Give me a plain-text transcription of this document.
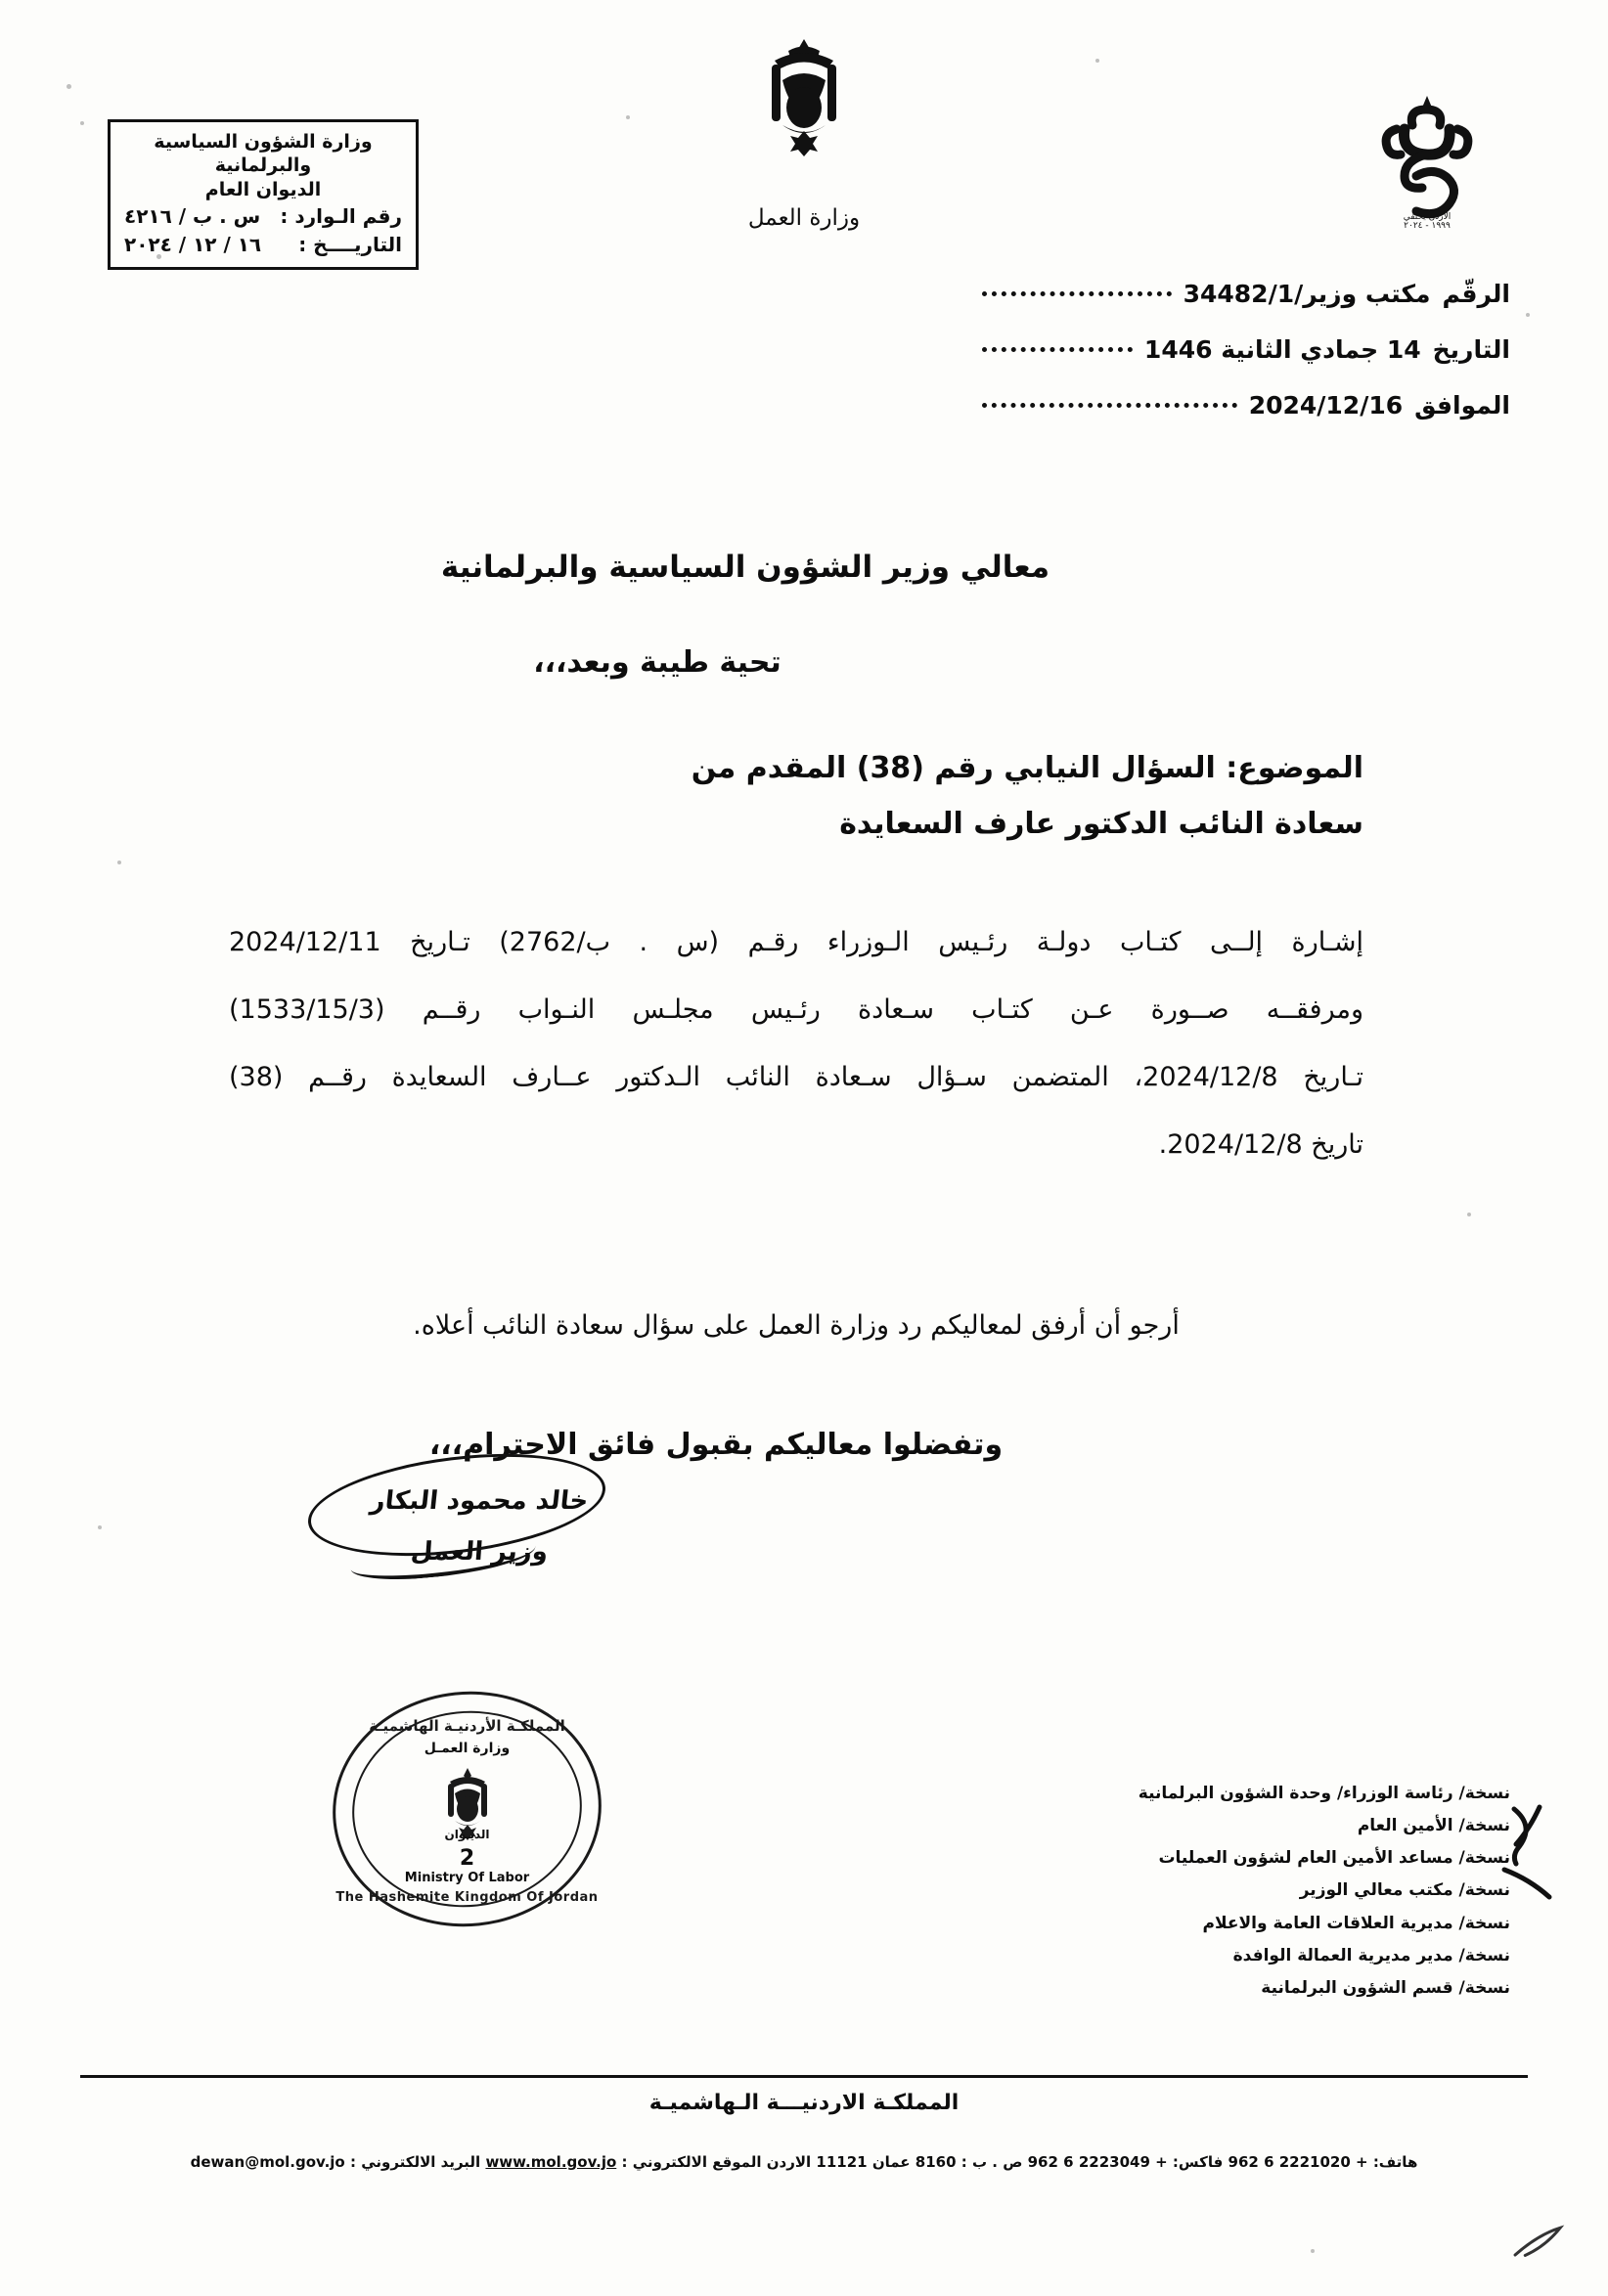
وزارة الشؤون السياسية والبرلمانية
الديوان العام
رقم الـوارد :
س . ب / ٤٢١٦
التاريــــخ :
١٦ / ١٢ / ٢٠٢٤
وزارة العمل	الأردن يحتفي
١٩٩٩ - ٢٠٢٤
الرقّم
مكتب وزير/34482/1
التاريخ
14 جمادي الثانية 1446
الموافق
2024/12/16
معالي وزير الشؤون السياسية والبرلمانية
تحية طيبة وبعد،،،
الموضوع: السؤال النيابي رقم (38) المقدم من
سعادة النائب الدكتور عارف السعايدة

إشـارة إلــى كتـاب دولـة رئـيس الـوزراء رقـم (س . ب/2762) تـاريخ 2024/12/11

ومرفقــه صــورة عـن كتـاب سـعادة رئـيس مجلـس النـواب رقــم (1533/15/3)

تـاريخ 2024/12/8، المتضمن سـؤال سـعادة النائب الـدكتور عــارف السعايدة رقــم (38)

تاريخ 2024/12/8.

أرجو أن أرفق لمعاليكم رد وزارة العمل على سؤال سعادة النائب أعلاه.
وتفضلوا معاليكم بقبول فائق الاحترام،،،
خالد محمود البكار
وزير العمل
المملكـة الأردنيـة الهاشميـة
وزارة العمـل
الديـوان
2
Ministry Of Labor
The Hashemite Kingdom Of Jordan
نسخة/ رئاسة الوزراء/ وحدة الشؤون البرلمانية
نسخة/ الأمين العام
نسخة/ مساعد الأمين العام لشؤون العمليات
نسخة/ مكتب معالي الوزير
نسخة/ مديرية العلاقات العامة والاعلام
نسخة/ مدير مديرية العمالة الوافدة
نسخة/ قسم الشؤون البرلمانية
المملكـة الاردنيـــة الـهاشميـة
هاتف: 962 6 2221020 + فاكس: 962 6 2223049 + ص . ب : 8160 عمان 11121 الاردن الموقع الالكتروني : www.mol.gov.jo البريد الالكتروني : dewan@mol.gov.jo
